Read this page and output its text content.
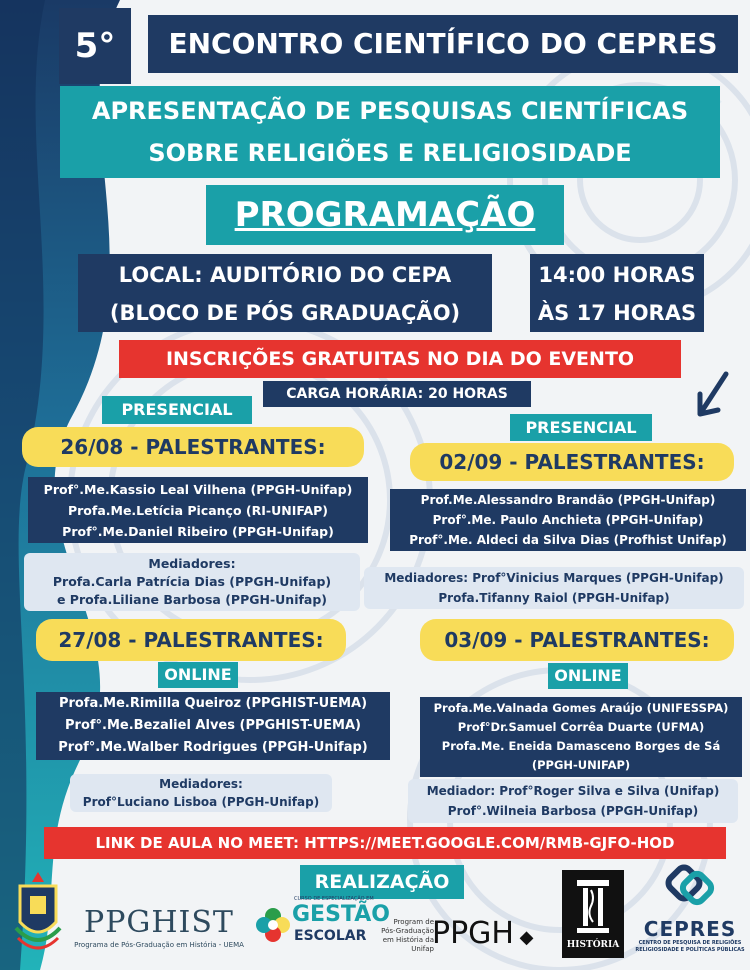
5°	ENCONTRO CIENTÍFICO DO CEPRES
APRESENTAÇÃO DE PESQUISAS CIENTÍFICAS
SOBRE RELIGIÕES E RELIGIOSIDADE
PROGRAMAÇÃO
LOCAL: AUDITÓRIO DO CEPA
(BLOCO DE PÓS GRADUAÇÃO)
14:00 HORAS
ÀS 17 HORAS
INSCRIÇÕES GRATUITAS NO DIA DO EVENTO
CARGA HORÁRIA: 20 HORAS
PRESENCIAL
26/08 - PALESTRANTES:
Prof°.Me.Kassio Leal Vilhena (PPGH-Unifap)
Profa.Me.Letícia Picanço (RI-UNIFAP)
Prof°.Me.Daniel Ribeiro (PPGH-Unifap)
Mediadores:
Profa.Carla Patrícia Dias (PPGH-Unifap)
e Profa.Liliane Barbosa (PPGH-Unifap)
PRESENCIAL
02/09 - PALESTRANTES:
Prof.Me.Alessandro Brandão (PPGH-Unifap)
Prof°.Me. Paulo Anchieta (PPGH-Unifap)
Prof°.Me. Aldeci da Silva Dias (Profhist Unifap)
Mediadores: Prof°Vinicius Marques (PPGH-Unifap)
Profa.Tifanny Raiol (PPGH-Unifap)
27/08 - PALESTRANTES:
ONLINE
Profa.Me.Rimilla Queiroz (PPGHIST-UEMA)
Prof°.Me.Bezaliel Alves (PPGHIST-UEMA)
Prof°.Me.Walber Rodrigues (PPGH-Unifap)
Mediadores:
Prof°Luciano Lisboa (PPGH-Unifap)
03/09 - PALESTRANTES:
ONLINE
Profa.Me.Valnada Gomes Araújo (UNIFESSPA)
Prof°Dr.Samuel Corrêa Duarte (UFMA)
Profa.Me. Eneida Damasceno Borges de Sá
(PPGH-UNIFAP)
Mediador: Prof°Roger Silva e Silva (Unifap)
Prof°.Wilneia Barbosa (PPGH-Unifap)
LINK DE AULA NO MEET: HTTPS://MEET.GOOGLE.COM/RMB-GJFO-HOD
REALIZAÇÃO
PPGHIST
Programa de Pós-Graduação em História - UEMA
CURSO DE ESPECIALIZAÇÃO EM
GESTÃO
ESCOLAR
Program de Pós-Graduação em História da Unifap
PPGH ◆	HISTÓRIA
CEPRES
CENTRO DE PESQUISA DE RELIGIÕES RELIGIOSIDADE E POLÍTICAS PÚBLICAS
